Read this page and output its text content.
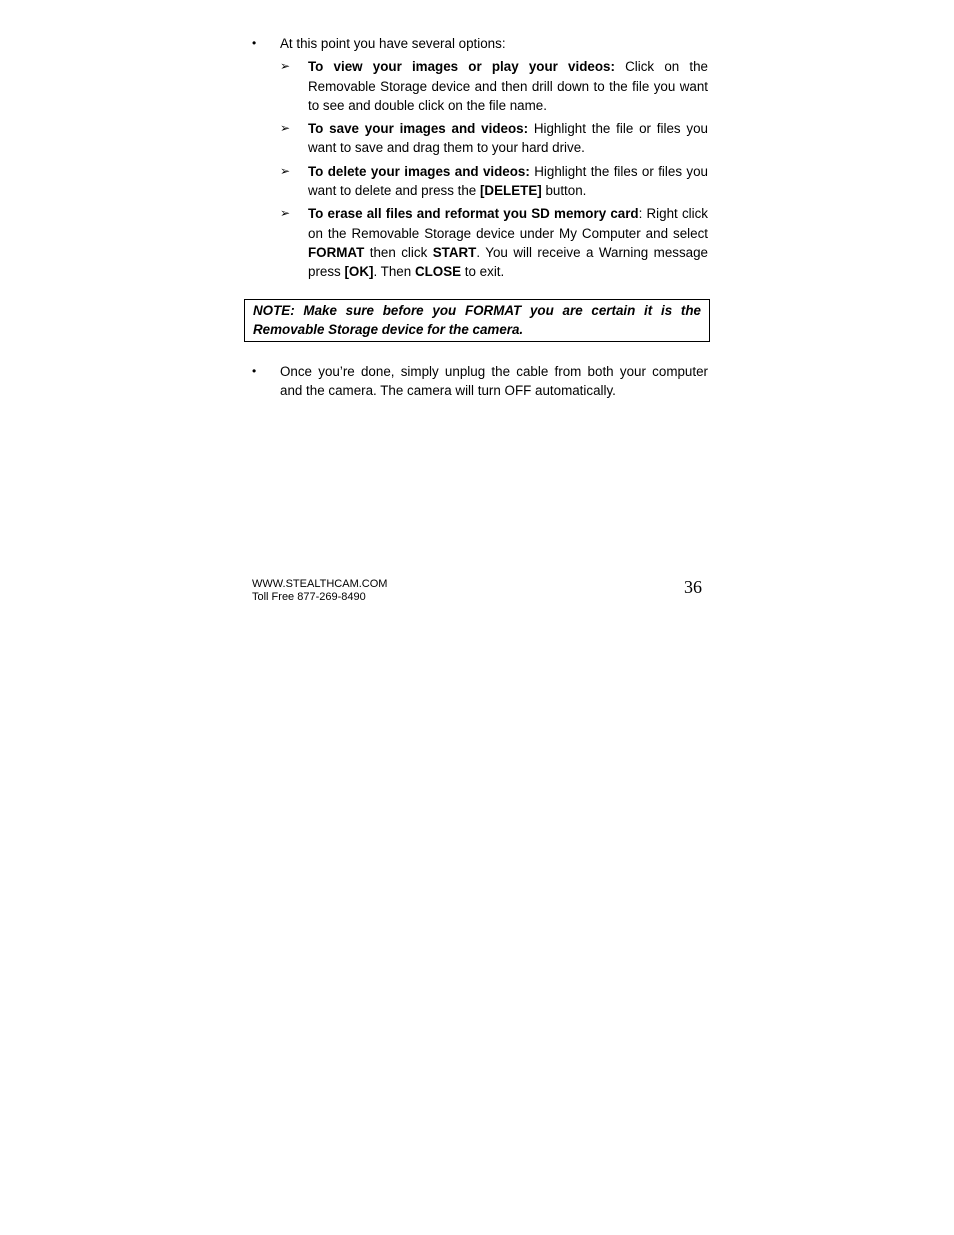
•	At this point you have several options:
➢	To view your images or play your videos: Click on the Removable Storage device and then drill down to the file you want to see and double click on the file name.
➢	To save your images and videos: Highlight the file or files you want to save and drag them to your hard drive.
➢	To delete your images and videos: Highlight the files or files you want to delete and press the [DELETE] button.
➢	To erase all files and reformat you SD memory card: Right click on the Removable Storage device under My Computer and select FORMAT then click START. You will receive a Warning message press [OK]. Then CLOSE to exit.
NOTE: Make sure before you FORMAT you are certain it is the Removable Storage device for the camera.
•	Once you’re done, simply unplug the cable from both your computer and the camera. The camera will turn OFF automatically.
WWW.STEALTHCAM.COM
Toll Free 877-269-8490	36
